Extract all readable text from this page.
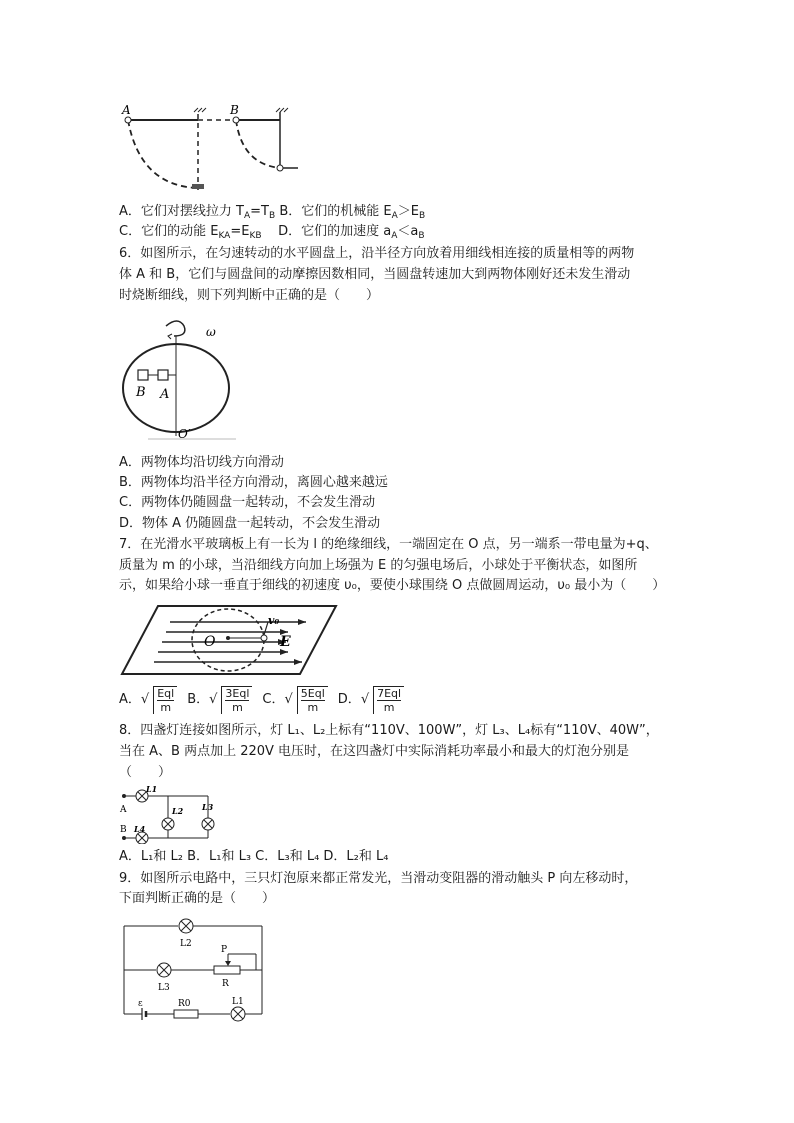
A	B
A．它们对摆线拉力 $T_A=T_B$ B．它们的机械能 $E_A>E_B$
C．它们的动能 $E_{KA}=E_{KB}$    D．它们的加速度 $a_A<a_B$
6．如图所示，在匀速转动的水平圆盘上，沿半径方向放着用细线相连接的质量相等的两物
体 A 和 B，它们与圆盘间的动摩擦因数相同，当圆盘转速加大到两物体刚好还未发生滑动
时烧断细线，则下列判断中正确的是（　　）
ω
B A
O′
A．两物体均沿切线方向滑动
B．两物体均沿半径方向滑动，离圆心越来越远
C．两物体仍随圆盘一起转动，不会发生滑动
D．物体 A 仍随圆盘一起转动，不会发生滑动
7．在光滑水平玻璃板上有一长为 l 的绝缘细线，一端固定在 O 点，另一端系一带电量为+q、
质量为 m 的小球，当沿细线方向加上场强为 E 的匀强电场后，小球处于平衡状态，如图所
示，如果给小球一垂直于细线的初速度 υ₀，要使小球围绕 O 点做圆周运动，υ₀ 最小为（　　）
O
v₀
E
A． √ $\frac{\text{Eql}}{m}$ B． √ $\frac{\text{3Eql}}{m}$ C． √ $\frac{\text{5Eql}}{m}$ D． √ $\frac{\text{7Eql}}{m}$
8．四盏灯连接如图所示，灯 L₁、L₂上标有“110V、100W”，灯 L₃、L₄标有“110V、40W”，
当在 A、B 两点加上 220V 电压时，在这四盏灯中实际消耗功率最小和最大的灯泡分别是
（　　）
A
B
L1
L2 L3
L4
A．L₁和 L₂ B．L₁和 L₃ C．L₃和 L₄ D．L₂和 L₄
9．如图所示电路中，三只灯泡原来都正常发光，当滑动变阻器的滑动触头 P 向左移动时，
下面判断正确的是（　　）
L2
L3
P
R
ε	R0	L1
